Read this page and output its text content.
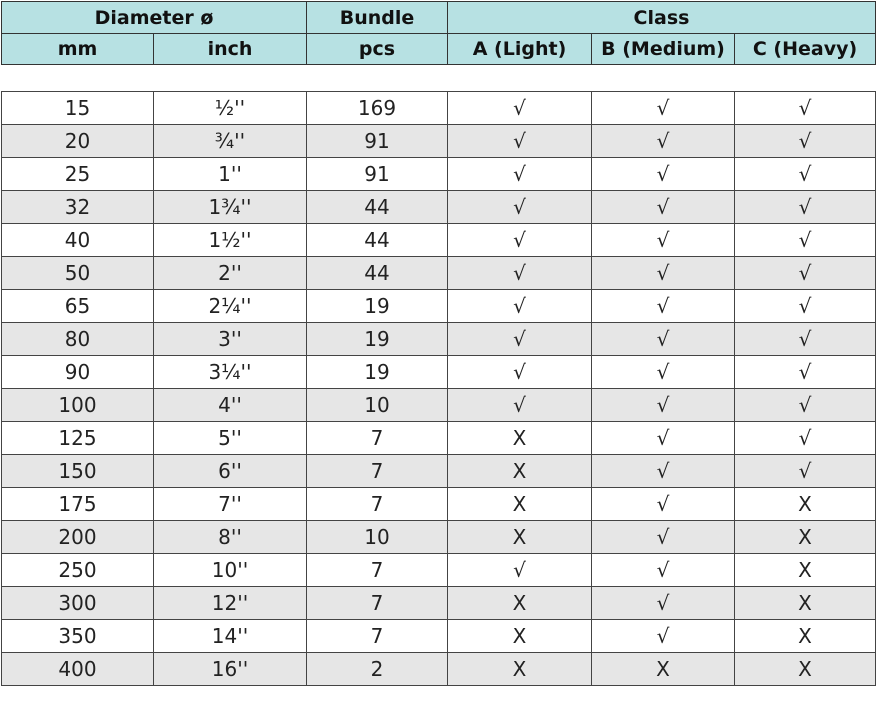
Diameter ø		Bundle	Class		
mm	inch	pcs	A (Light)	B (Medium)	C (Heavy)
15	½''	169	√	√	√
20	¾''	91	√	√	√
25	1''	91	√	√	√
32	1¾''	44	√	√	√
40	1½''	44	√	√	√
50	2''	44	√	√	√
65	2¼''	19	√	√	√
80	3''	19	√	√	√
90	3¼''	19	√	√	√
100	4''	10	√	√	√
125	5''	7	X	√	√
150	6''	7	X	√	√
175	7''	7	X	√	X
200	8''	10	X	√	X
250	10''	7	√	√	X
300	12''	7	X	√	X
350	14''	7	X	√	X
400	16''	2	X	X	X
